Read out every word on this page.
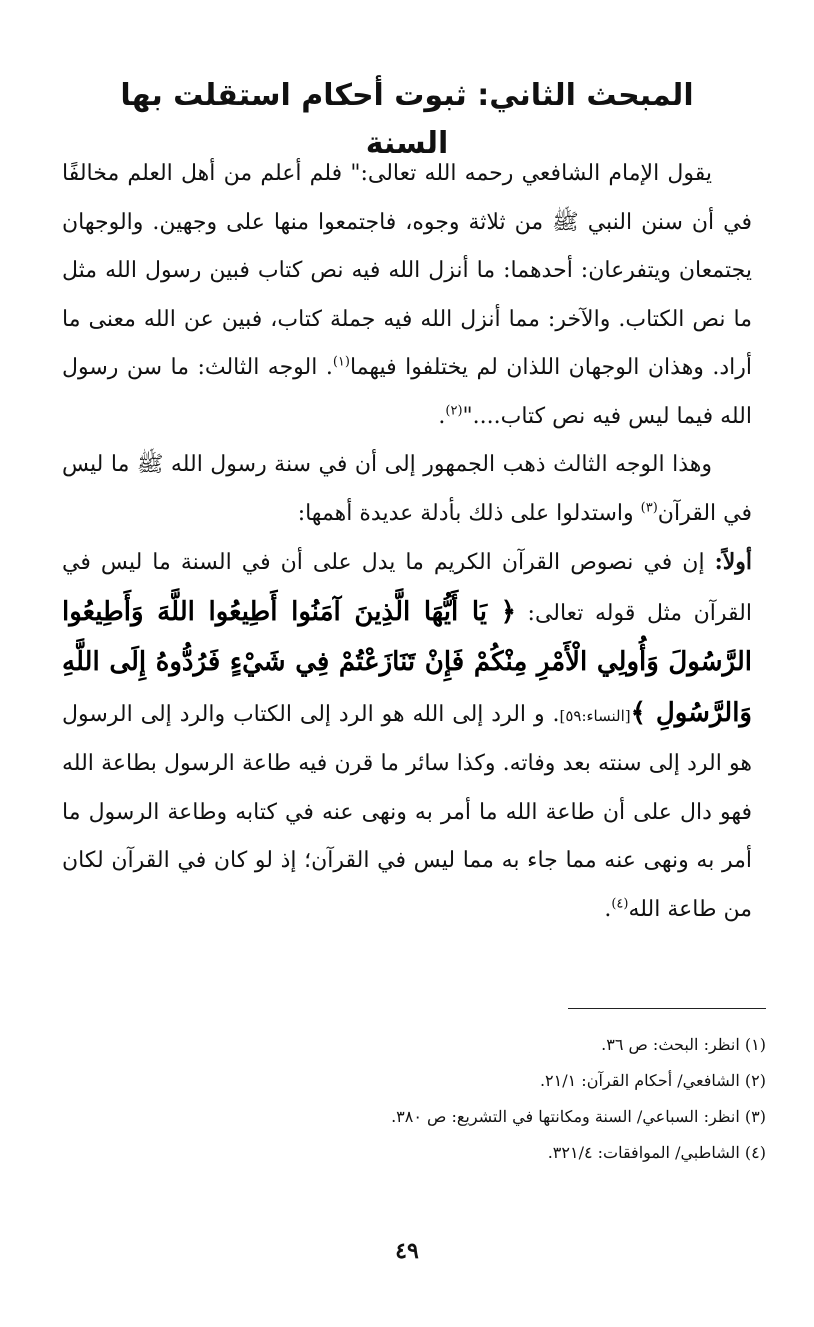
المبحث الثاني: ثبوت أحكام استقلت بها السنة

يقول الإمام الشافعي رحمه الله تعالى:" فلم أعلم من أهل العلم مخالفًا في أن سنن النبي ﷺ من ثلاثة وجوه، فاجتمعوا منها على وجهين. والوجهان يجتمعان ويتفرعان: أحدهما: ما أنزل الله فيه نص كتاب فبين رسول الله مثل ما نص الكتاب. والآخر: مما أنزل الله فيه جملة كتاب، فبين عن الله معنى ما أراد. وهذان الوجهان اللذان لم يختلفوا فيهما$^{(١)}$. الوجه الثالث: ما سن رسول الله فيما ليس فيه نص كتاب...."$^{(٢)}$.

وهذا الوجه الثالث ذهب الجمهور إلى أن في سنة رسول الله ﷺ ما ليس في القرآن$^{(٣)}$ واستدلوا على ذلك بأدلة عديدة أهمها:

أولاً: إن في نصوص القرآن الكريم ما يدل على أن في السنة ما ليس في القرآن مثل قوله تعالى: ﴿ يَا أَيُّهَا الَّذِينَ آمَنُوا أَطِيعُوا اللَّهَ وَأَطِيعُوا الرَّسُولَ وَأُولِي الْأَمْرِ مِنْكُمْ فَإِنْ تَنَازَعْتُمْ فِي شَيْءٍ فَرُدُّوهُ إِلَى اللَّهِ وَالرَّسُولِ ﴾[النساء:٥٩]. و الرد إلى الله هو الرد إلى الكتاب والرد إلى الرسول هو الرد إلى سنته بعد وفاته. وكذا سائر ما قرن فيه طاعة الرسول بطاعة الله فهو دال على أن طاعة الله ما أمر به ونهى عنه في كتابه وطاعة الرسول ما أمر به ونهى عنه مما جاء به مما ليس في القرآن؛ إذ لو كان في القرآن لكان من طاعة الله$^{(٤)}$.

(١) انظر: البحث: ص ٣٦.
(٢) الشافعي/ أحكام القرآن: ٢١/١.
(٣) انظر: السباعي/ السنة ومكانتها في التشريع: ص ٣٨٠.
(٤) الشاطبي/ الموافقات: ٣٢١/٤.
٤٩
